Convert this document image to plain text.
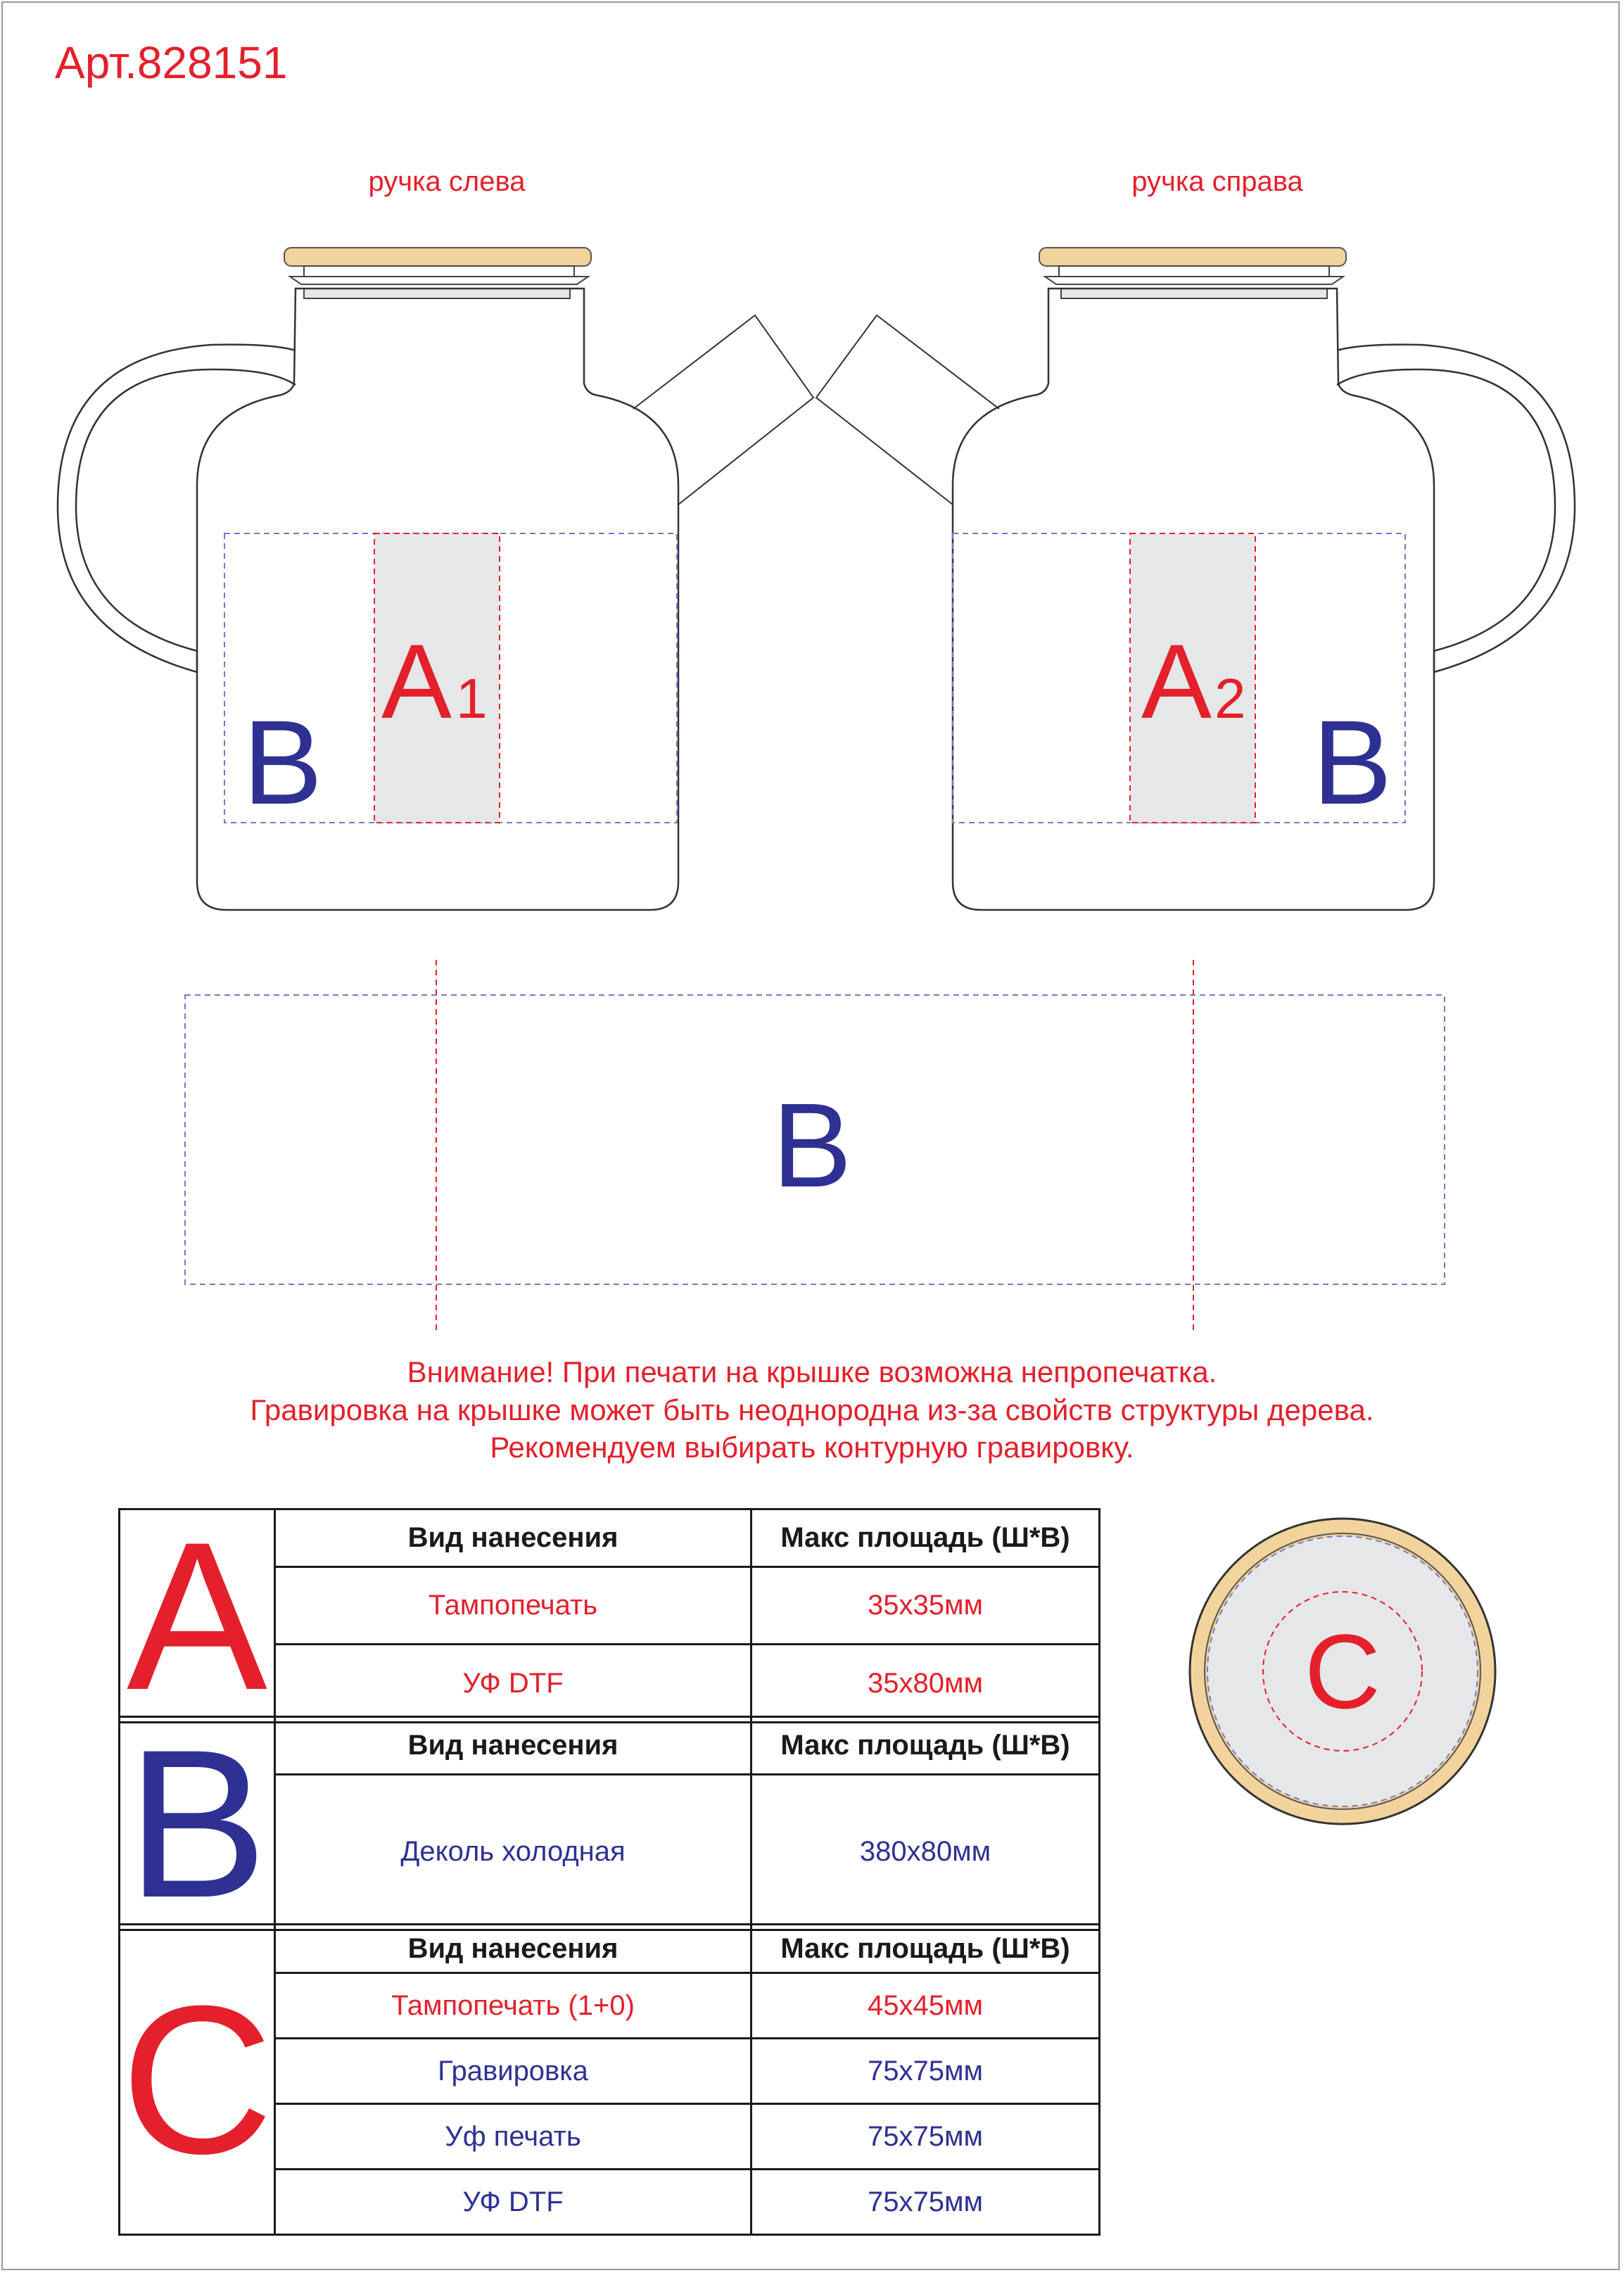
Арт.828151
ручка слева	ручка справа
A 1
B
A 2 B
B
Внимание! При печати на крышке возможна непропечатка.
Гравировка на крышке может быть неоднородна из-за свойств структуры дерева.
Рекомендуем выбирать контурную гравировку.
A	Вид нанесения	Макс площадь (Ш*В)
	Тампопечать	35x35мм
	УФ DTF	35x80мм
B	Вид нанесения	Макс площадь (Ш*В)
	Деколь холодная	380x80мм
C	Вид нанесения	Макс площадь (Ш*В)
	Тампопечать (1+0)	45x45мм
	Гравировка	75x75мм
	Уф печать	75x75мм
	УФ DTF	75x75мм
C
